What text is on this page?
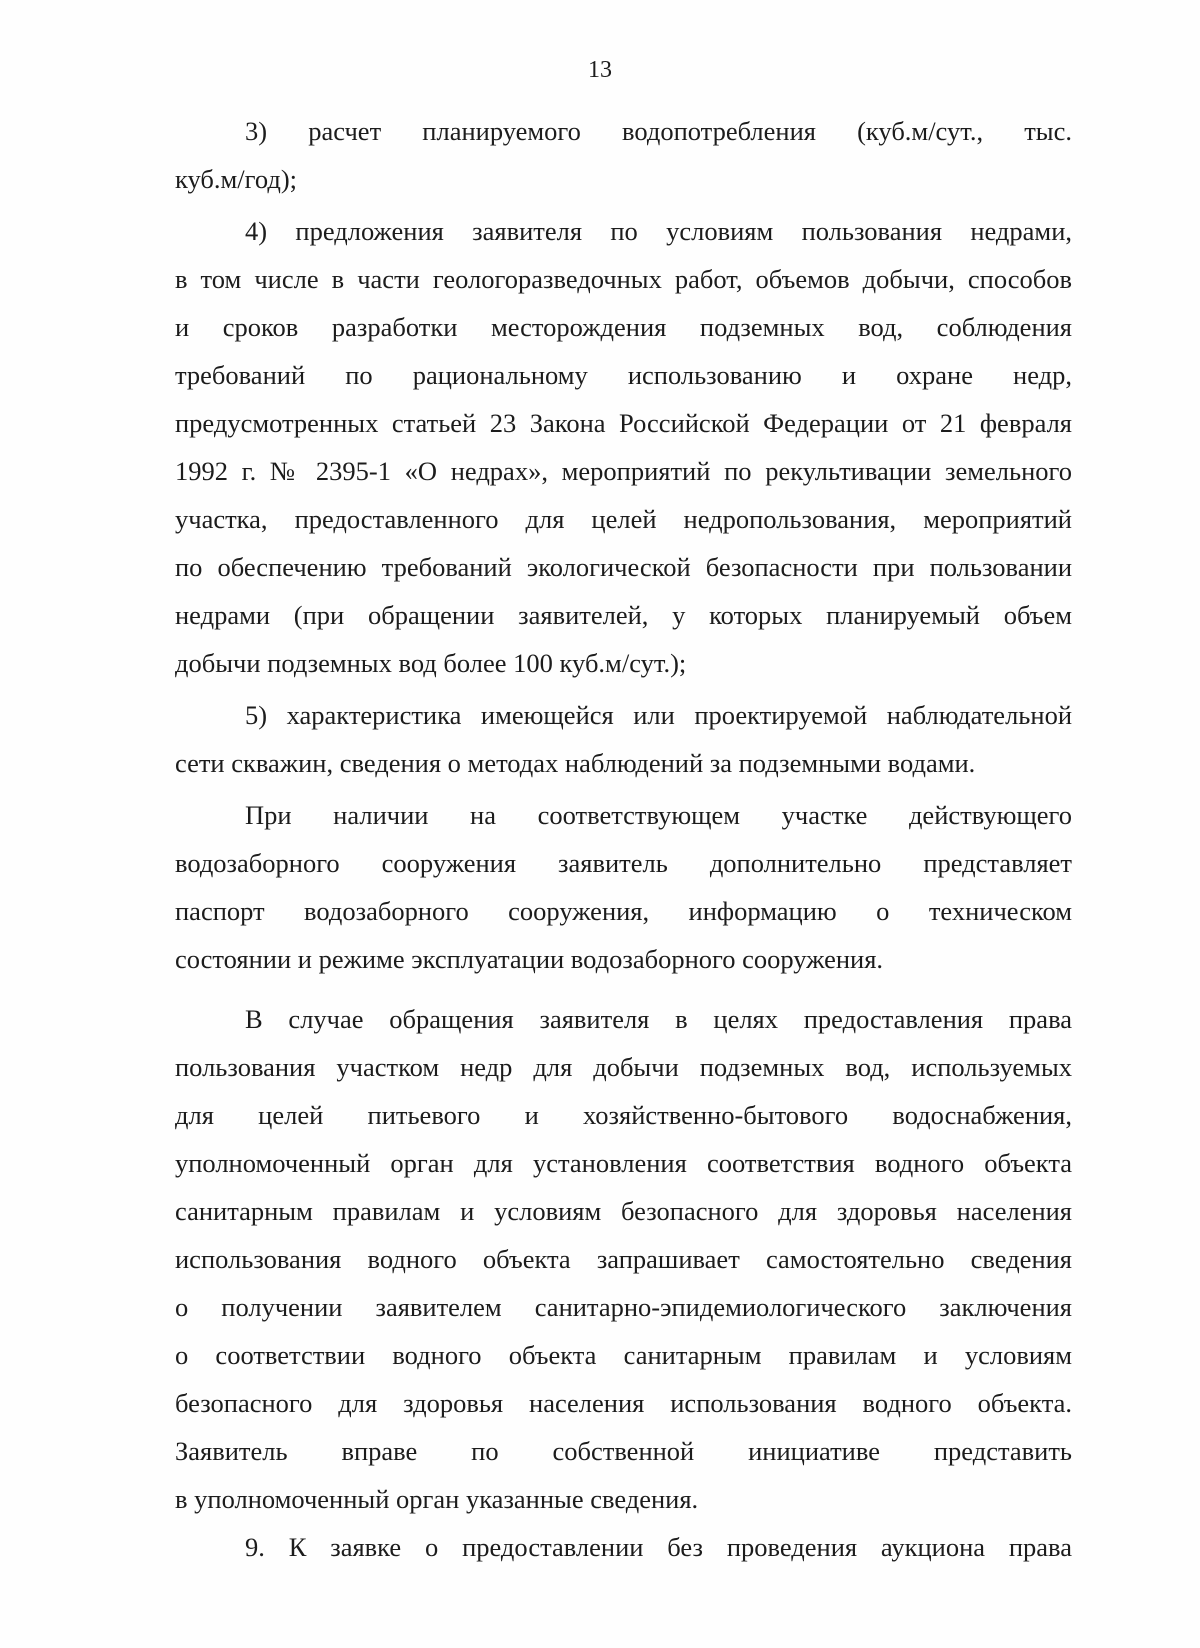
13
3) расчет планируемого водопотребления (куб.м/сут., тыс.
куб.м/год);
4) предложения заявителя по условиям пользования недрами,
в том числе в части геологоразведочных работ, объемов добычи, способов
и сроков разработки месторождения подземных вод, соблюдения
требований по рациональному использованию и охране недр,
предусмотренных статьей 23 Закона Российской Федерации от 21 февраля
1992 г. № 2395-1 «О недрах», мероприятий по рекультивации земельного
участка, предоставленного для целей недропользования, мероприятий
по обеспечению требований экологической безопасности при пользовании
недрами (при обращении заявителей, у которых планируемый объем
добычи подземных вод более 100 куб.м/сут.);
5) характеристика имеющейся или проектируемой наблюдательной
сети скважин, сведения о методах наблюдений за подземными водами.
При наличии на соответствующем участке действующего
водозаборного сооружения заявитель дополнительно представляет
паспорт водозаборного сооружения, информацию о техническом
состоянии и режиме эксплуатации водозаборного сооружения.
В случае обращения заявителя в целях предоставления права
пользования участком недр для добычи подземных вод, используемых
для целей питьевого и хозяйственно-бытового водоснабжения,
уполномоченный орган для установления соответствия водного объекта
санитарным правилам и условиям безопасного для здоровья населения
использования водного объекта запрашивает самостоятельно сведения
о получении заявителем санитарно-эпидемиологического заключения
о соответствии водного объекта санитарным правилам и условиям
безопасного для здоровья населения использования водного объекта.
Заявитель вправе по собственной инициативе представить
в уполномоченный орган указанные сведения.
9. К заявке о предоставлении без проведения аукциона права
